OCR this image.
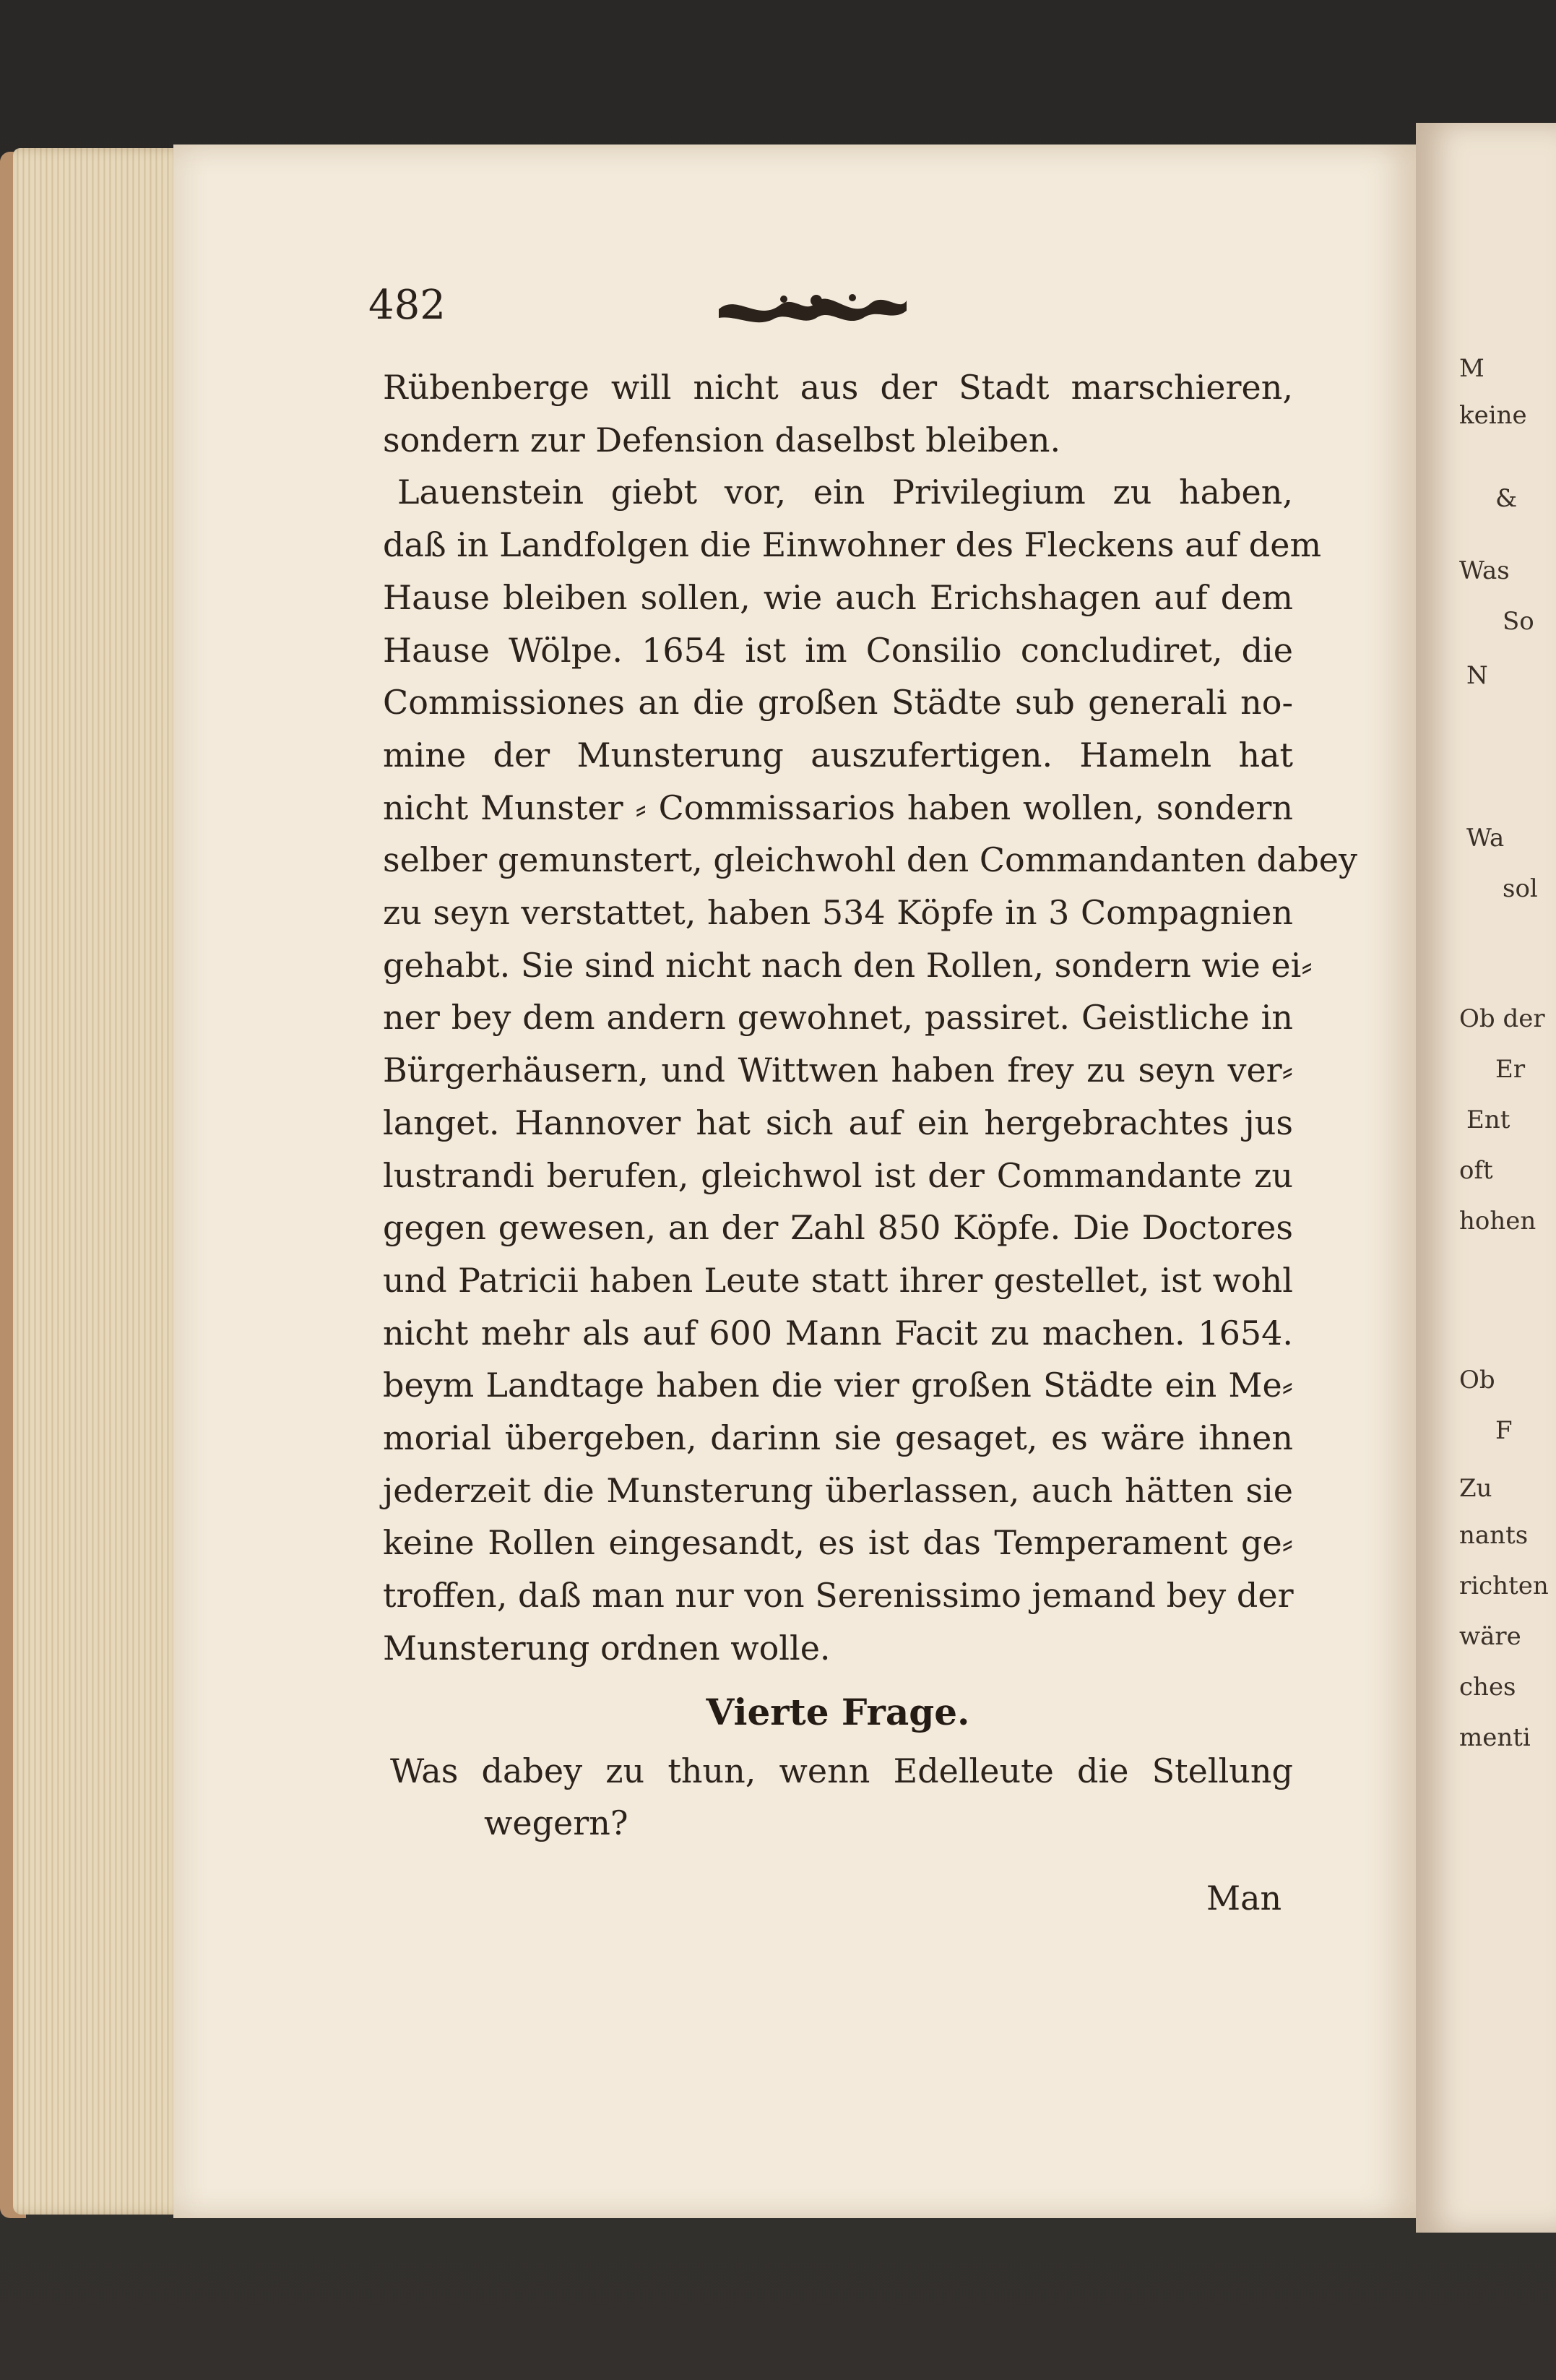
M
keine
&
Was
So
N
Wa
sol
Ob der
Er
Ent
oft
hohen
Ob
F
Zu
nants
richten
wäre
ches
menti
482
Rübenberge will nicht aus der Stadt marschieren,
sondern zur Defension daselbst bleiben.
Lauenstein giebt vor, ein Privilegium zu haben,
daß in Landfolgen die Einwohner des Fleckens auf dem
Hause bleiben sollen, wie auch Erichshagen auf dem
Hause Wölpe. 1654 ist im Consilio concludiret, die
Commissiones an die großen Städte sub generali no-
mine der Munsterung auszufertigen. Hameln hat
nicht Munster ⸗ Commissarios haben wollen, sondern
selber gemunstert, gleichwohl den Commandanten dabey
zu seyn verstattet, haben 534 Köpfe in 3 Compagnien
gehabt. Sie sind nicht nach den Rollen, sondern wie ei⸗
ner bey dem andern gewohnet, passiret. Geistliche in
Bürgerhäusern, und Wittwen haben frey zu seyn ver⸗
langet. Hannover hat sich auf ein hergebrachtes jus
lustrandi berufen, gleichwol ist der Commandante zu
gegen gewesen, an der Zahl 850 Köpfe. Die Doctores
und Patricii haben Leute statt ihrer gestellet, ist wohl
nicht mehr als auf 600 Mann Facit zu machen. 1654.
beym Landtage haben die vier großen Städte ein Me⸗
morial übergeben, darinn sie gesaget, es wäre ihnen
jederzeit die Munsterung überlassen, auch hätten sie
keine Rollen eingesandt, es ist das Temperament ge⸗
troffen, daß man nur von Serenissimo jemand bey der
Munsterung ordnen wolle.
Vierte Frage.
Was dabey zu thun, wenn Edelleute die Stellung
wegern?
Man
